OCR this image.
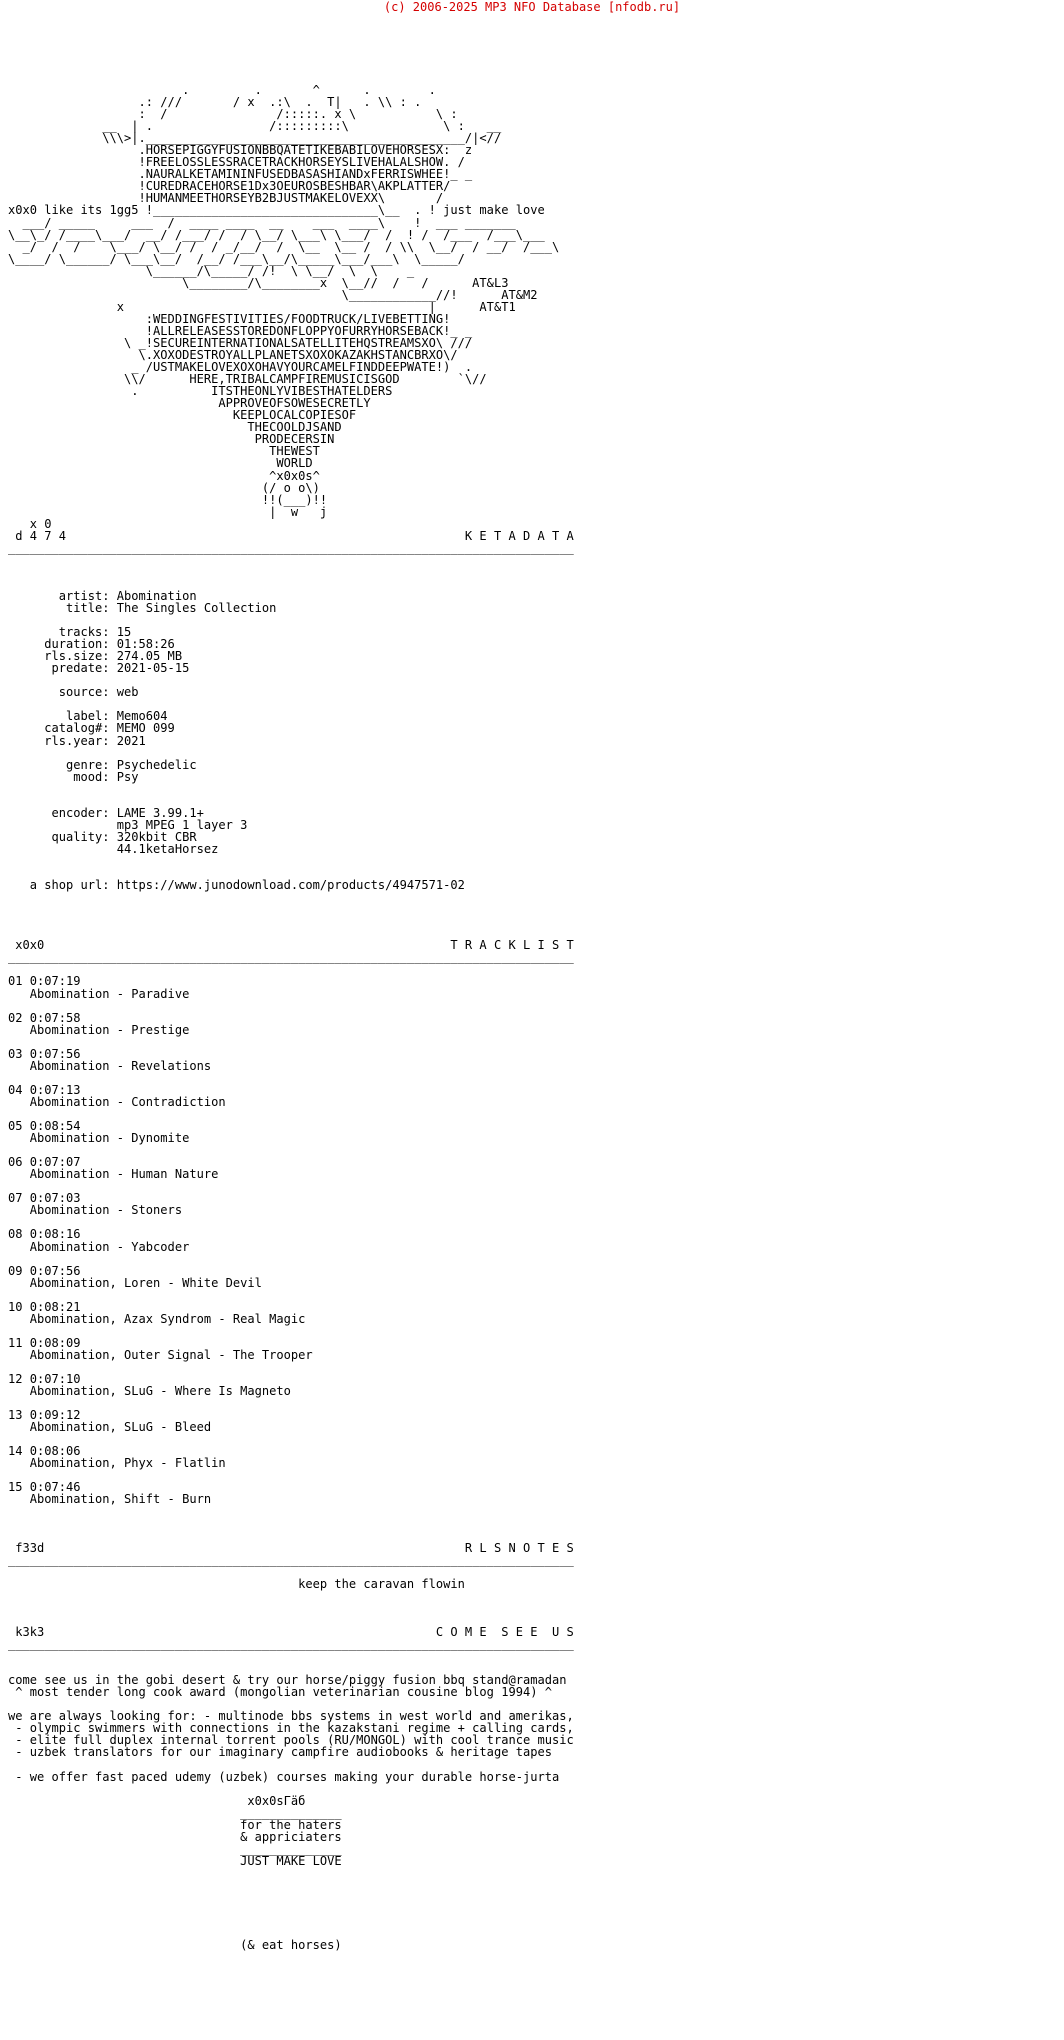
(c) 2006-2025 MP3 NFO Database [nfodb.ru]
.         .       ^      .        .
.: ///       / x  .:\  .  T|   . \\ : .
:  /               /:::::. x \           \ :
__  | .                /:::::::::\             \ :   __
\\\>|.____________________________________________/|<//
.HORSEPIGGYFUSIONBBQATETIKEBABILOVEHORSESX:  z
!FREELOSSLESSRACETRACKHORSEYSLIVEHALALSHOW. /
.NAURALKETAMININFUSEDBASASHIANDxFERRISWHEE!_ _
!CUREDRACEHORSE1Dx3OEUROSBESHBAR\AKPLATTER/
!HUMANMEETHORSEYB2BJUSTMAKELOVEXX\       /
x0x0 like its 1gg5 !_______________________________\__  . ! just make love
___/ _____     ___  /  ____ ____  __    ___  ____\    !  ___ _______
\__\_/ /____\___/  __/ /___/ /  / \__/ \___\ \___/  /  ! /  /___  /___\___
_/  /  /    \___/ \__/ /  / _/__/  /  \__  \__ /  / \\  \__/  / __/  /___\
\____/ \______/ \___\__/  /__/ /___\__/\_____\___/___\  \_____/
\______/\_____/ /!  \ \__/  \  \    _
\________/\________x  \__//  /   /      AT&L3
\____________//!      AT&M2
x                                          |      AT&T1
:WEDDINGFESTIVITIES/FOODTRUCK/LIVEBETTING!
!ALLRELEASESSTOREDONFLOPPYOFURRYHORSEBACK!_ _
\ _!SECUREINTERNATIONALSATELLITEHQSTREAMSXO\ ///
\.XOXODESTROYALLPLANETSXOXOKAZAKHSTANCBRXO\/
_ /USTMAKELOVEXOXOHAVYOURCAMELFINDDEEPWATE!)  .
\\/      HERE,TRIBALCAMPFIREMUSICISGOD        `\//
.          ITSTHEONLYVIBESTHATELDERS
APPROVEOFSOWESECRETLY
KEEPLOCALCOPIESOF
THECOOLDJSAND
PRODECERSIN
THEWEST
WORLD
^x0x0s^
(/ o o\)
!!(___)!!
|  w   j
x 0
d 4 7 4                                                       K E T A D A T A
______________________________________________________________________________

artist: Abomination
title: The Singles Collection

tracks: 15
duration: 01:58:26
rls.size: 274.05 MB
predate: 2021-05-15

source: web

label: Memo604
catalog#: MEMO 099
rls.year: 2021

genre: Psychedelic
mood: Psy

encoder: LAME 3.99.1+
mp3 MPEG 1 layer 3
quality: 320kbit CBR
44.1ketaHorsez

a shop url: https://www.junodownload.com/products/4947571-02

x0x0                                                        T R A C K L I S T
______________________________________________________________________________

01 0:07:19
Abomination - Paradive

02 0:07:58
Abomination - Prestige

03 0:07:56
Abomination - Revelations

04 0:07:13
Abomination - Contradiction

05 0:08:54
Abomination - Dynomite

06 0:07:07
Abomination - Human Nature

07 0:07:03
Abomination - Stoners

08 0:08:16
Abomination - Yabcoder

09 0:07:56
Abomination, Loren - White Devil

10 0:08:21
Abomination, Azax Syndrom - Real Magic

11 0:08:09
Abomination, Outer Signal - The Trooper

12 0:07:10
Abomination, SLuG - Where Is Magneto

13 0:09:12
Abomination, SLuG - Bleed

14 0:08:06
Abomination, Phyx - Flatlin

15 0:07:46
Abomination, Shift - Burn

f33d                                                          R L S N O T E S
______________________________________________________________________________

keep the caravan flowin

k3k3                                                      C O M E  S E E  U S
______________________________________________________________________________

come see us in the gobi desert & try our horse/piggy fusion bbq stand@ramadan
^ most tender long cook award (mongolian veterinarian cousine blog 1994) ^

we are always looking for: - multinode bbs systems in west world and amerikas,
- olympic swimmers with connections in the kazakstani regime + calling cards,
- elite full duplex internal torrent pools (RU/MONGOL) with cool trance music
- uzbek translators for our imaginary campfire audiobooks & heritage tapes

- we offer fast paced udemy (uzbek) courses making your durable horse-jurta

x0x0sГäб
______________
for the haters
& appriciaters
______________
JUST MAKE LOVE

(& eat horses)
